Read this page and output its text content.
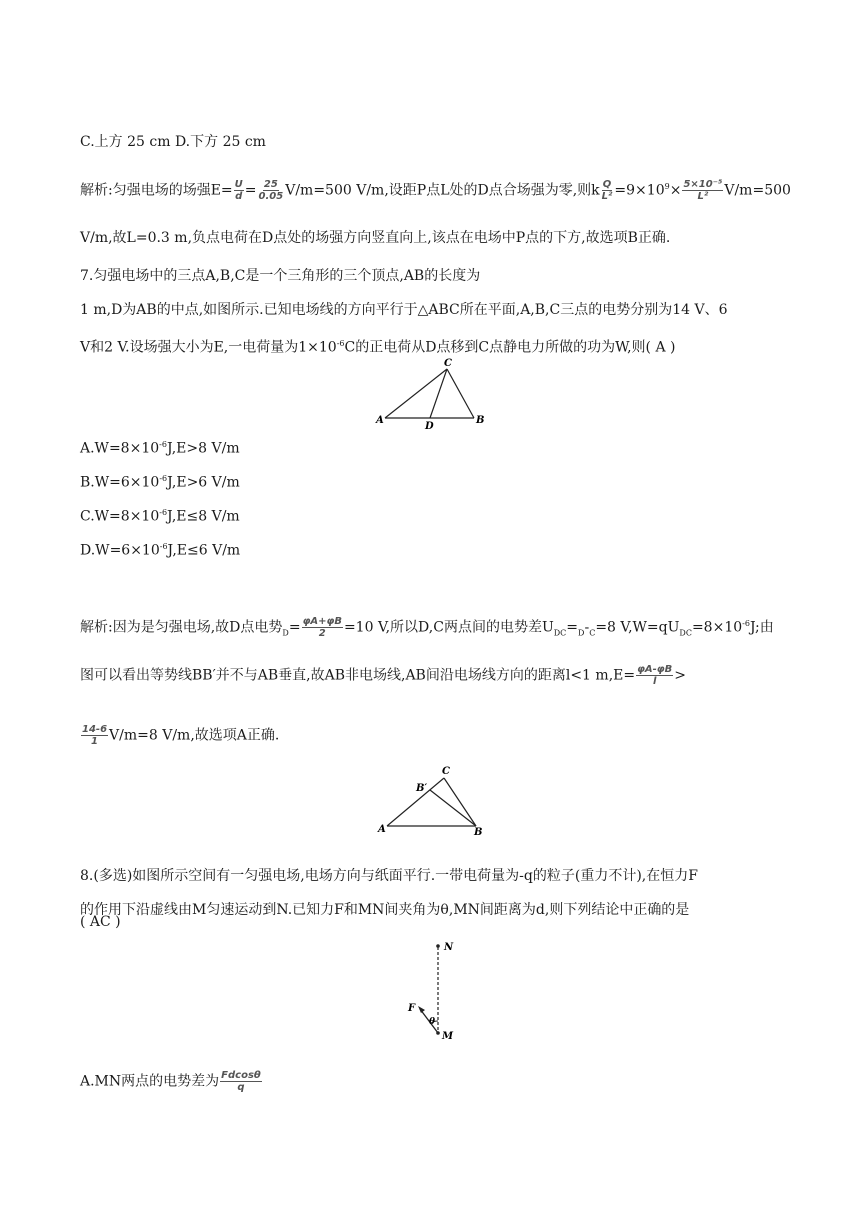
C.上方 25 cm D.下方 25 cm
解析:匀强电场的场强$E= \frac{U}{d} = \frac{25}{0.05} V/m=500$ V/m,设距P点L处的D点合场强为零,则k $\frac{Q}{\text{L²}} =9\times 10^9\times \frac{\text{5×10⁻⁵}}{\text{L²}} V/m=500$
V/m,故L=0.3 m,负点电荷在D点处的场强方向竖直向上,该点在电场中P点的下方,故选项B正确.
7.匀强电场中的三点A,B,C是一个三角形的三个顶点,AB的长度为
1 m,D为AB的中点,如图所示.已知电场线的方向平行于△ABC所在平面,A,B,C三点的电势分别为14 V、6
V和2 V.设场强大小为E,一电荷量为$1\times 10^{-6}C$的正电荷从D点移到C点静电力所做的功为W,则( A )
A	B
C
D
$A.W=8\times 10^{-6}J,E>8$ V/m
$B.W=6\times 10^{-6}J,E>6$ V/m
$C.W=8\times 10^{-6}J,E\le 8$ V/m
$D.W=6\times 10^{-6}J,E\le 6$ V/m
解析:因为是匀强电场,故D点电势$_D= \frac{\varphi A+\varphi B}{2} =10$ V,所以D,C两点间的电势差$U_{DC}=_D-_C=8$ $V,W=qU_{DC}=8\times 10^{-6}J$;由
图可以看出等势线BB′并不与AB垂直,故AB非电场线,AB间沿电场线方向的距离l<1 $m,E= \frac{\varphi A-\varphi B}{l}$ >
$\frac{14-6}{1} V/m=8$ V/m,故选项A正确.
A	B
C
B′
8.(多选)如图所示空间有一匀强电场,电场方向与纸面平行.一带电荷量为-q的粒子(重力不计),在恒力F
的作用下沿虚线由M匀速运动到N.已知力F和MN间夹角为θ,MN间距离为d,则下列结论中正确的是
( AC )
N
M
F
θ
A.MN两点的电势差为 $\frac{Fdcos\theta}{q}$
